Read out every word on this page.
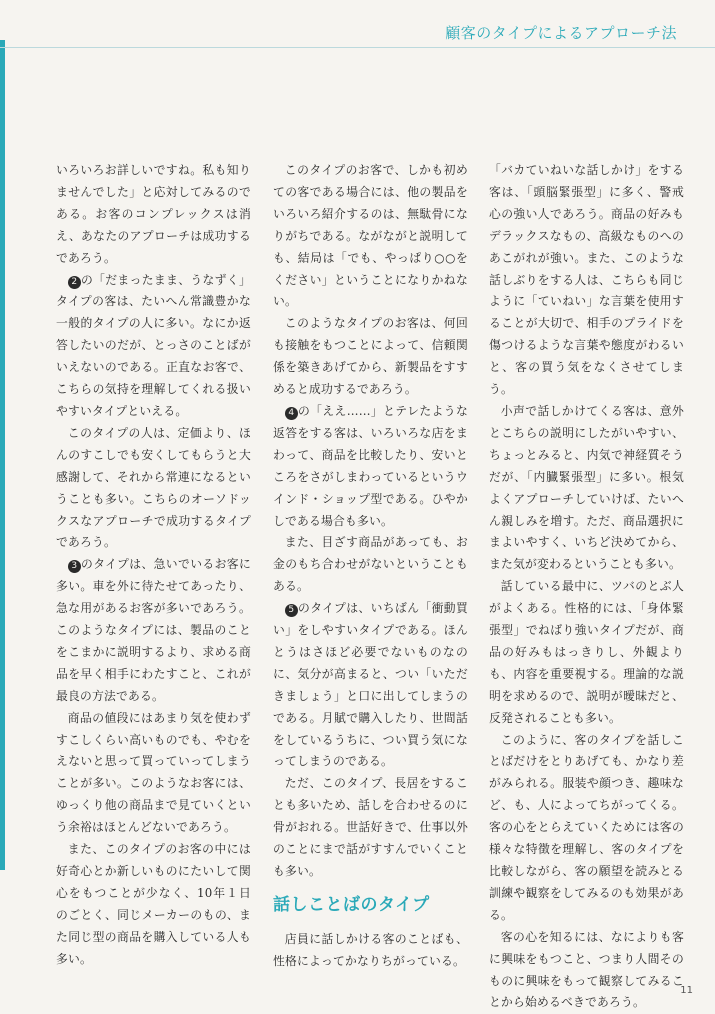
顧客のタイプによるアプローチ法

いろいろお詳しいですね。私も知りませんでした」と応対してみるのである。お客のコンプレックスは消え、あなたのアプローチは成功するであろう。

2 の「だまったまま、うなずく」タイプの客は、たいへん常識豊かな一般的タイプの人に多い。なにか返答したいのだが、とっさのことばがいえないのである。正直なお客で、こちらの気持を理解してくれる扱いやすいタイプといえる。

このタイプの人は、定価より、ほんのすこしでも安くしてもらうと大感謝して、それから常連になるということも多い。こちらのオーソドックスなアプローチで成功するタイプであろう。

3 のタイプは、急いでいるお客に多い。車を外に待たせてあったり、急な用があるお客が多いであろう。このようなタイプには、製品のことをこまかに説明するより、求める商品を早く相手にわたすこと、これが最良の方法である。

商品の値段にはあまり気を使わずすこしくらい高いものでも、やむをえないと思って買っていってしまうことが多い。このようなお客には、ゆっくり他の商品まで見ていくという余裕はほとんどないであろう。

また、このタイプのお客の中には好奇心とか新しいものにたいして関心をもつことが少なく、10年１日のごとく、同じメーカーのもの、また同じ型の商品を購入している人も多い。

このタイプのお客で、しかも初めての客である場合には、他の製品をいろいろ紹介するのは、無駄骨になりがちである。ながながと説明しても、結局は「でも、やっぱり○○をください」ということになりかねない。

このようなタイプのお客は、何回も接触をもつことによって、信頼関係を築きあげてから、新製品をすすめると成功するであろう。

4 の「ええ……」とテレたような返答をする客は、いろいろな店をまわって、商品を比較したり、安いところをさがしまわっているというウインド・ショップ型である。ひやかしである場合も多い。

また、目ざす商品があっても、お金のもち合わせがないということもある。

5 のタイプは、いちばん「衝動買い」をしやすいタイプである。ほんとうはさほど必要でないものなのに、気分が高まると、つい「いただきましょう」と口に出してしまうのである。月賦で購入したり、世間話をしているうちに、つい買う気になってしまうのである。

ただ、このタイプ、長居をすることも多いため、話しを合わせるのに骨がおれる。世話好きで、仕事以外のことにまで話がすすんでいくことも多い。

話しことばのタイプ

店員に話しかける客のことばも、性格によってかなりちがっている。

「バカていねいな話しかけ」をする客は、「頭脳緊張型」に多く、警戒心の強い人であろう。商品の好みもデラックスなもの、高級なものへのあこがれが強い。また、このような話しぶりをする人は、こちらも同じように「ていねい」な言葉を使用することが大切で、相手のプライドを傷つけるような言葉や態度がわるいと、客の買う気をなくさせてしまう。

小声で話しかけてくる客は、意外とこちらの説明にしたがいやすい、ちょっとみると、内気で神経質そうだが、「内臓緊張型」に多い。根気よくアプローチしていけば、たいへん親しみを増す。ただ、商品選択にまよいやすく、いちど決めてから、また気が変わるということも多い。

話している最中に、ツバのとぶ人がよくある。性格的には、「身体緊張型」でねばり強いタイプだが、商品の好みもはっきりし、外観よりも、内容を重要視する。理論的な説明を求めるので、説明が曖昧だと、反発されることも多い。

このように、客のタイプを話しことばだけをとりあげても、かなり差がみられる。服装や顔つき、趣味など、も、人によってちがってくる。客の心をとらえていくためには客の様々な特徴を理解し、客のタイプを比較しながら、客の願望を読みとる訓練や観察をしてみるのも効果がある。

客の心を知るには、なによりも客に興味をもつこと、つまり人間そのものに興味をもって観察してみることから始めるべきであろう。

11
